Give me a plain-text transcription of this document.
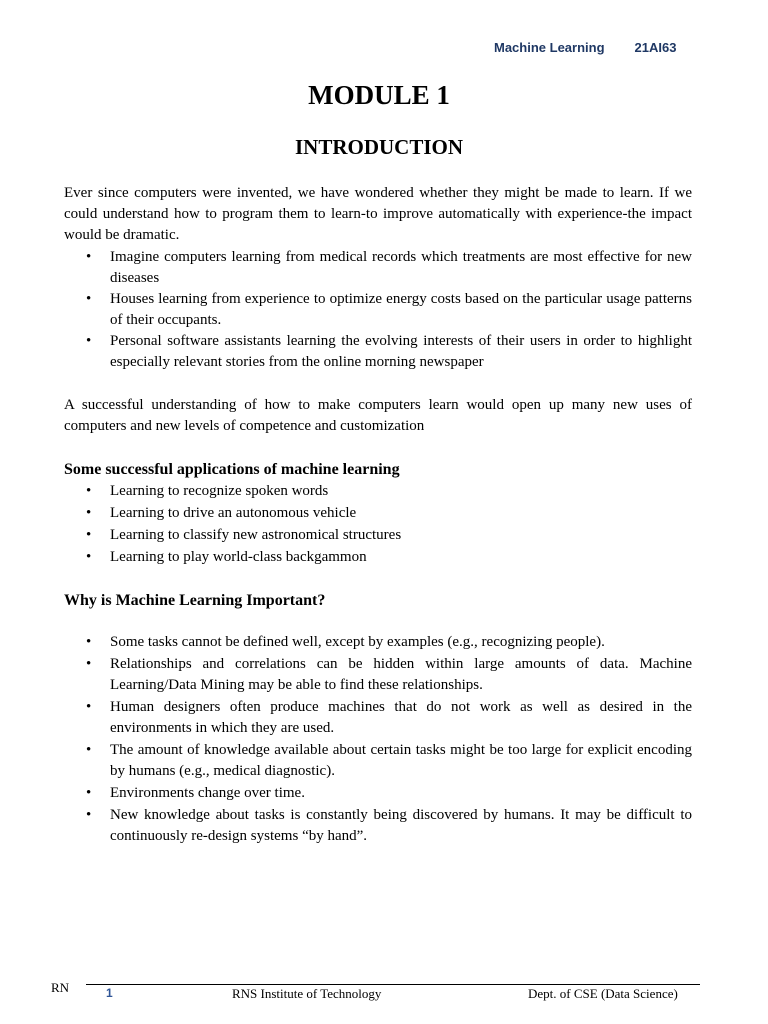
Machine Learning 21AI63
MODULE 1
INTRODUCTION

Ever since computers were invented, we have wondered whether they might be made to learn. If we could understand how to program them to learn-to improve automatically with experience-the impact would be dramatic.

• Imagine computers learning from medical records which treatments are most effective for new diseases
• Houses learning from experience to optimize energy costs based on the particular usage patterns of their occupants.
• Personal software assistants learning the evolving interests of their users in order to highlight especially relevant stories from the online morning newspaper

A successful understanding of how to make computers learn would open up many new uses of computers and new levels of competence and customization

Some successful applications of machine learning
• Learning to recognize spoken words
• Learning to drive an autonomous vehicle
• Learning to classify new astronomical structures
• Learning to play world-class backgammon
Why is Machine Learning Important?
• Some tasks cannot be defined well, except by examples (e.g., recognizing people).
• Relationships and correlations can be hidden within large amounts of data. Machine Learning/Data Mining may be able to find these relationships.
• Human designers often produce machines that do not work as well as desired in the environments in which they are used.
• The amount of knowledge available about certain tasks might be too large for explicit encoding by humans (e.g., medical diagnostic).
• Environments change over time.
• New knowledge about tasks is constantly being discovered by humans. It may be difficult to continuously re-design systems “by hand”.
RN	1	RNS Institute of Technology	Dept. of CSE (Data Science)
